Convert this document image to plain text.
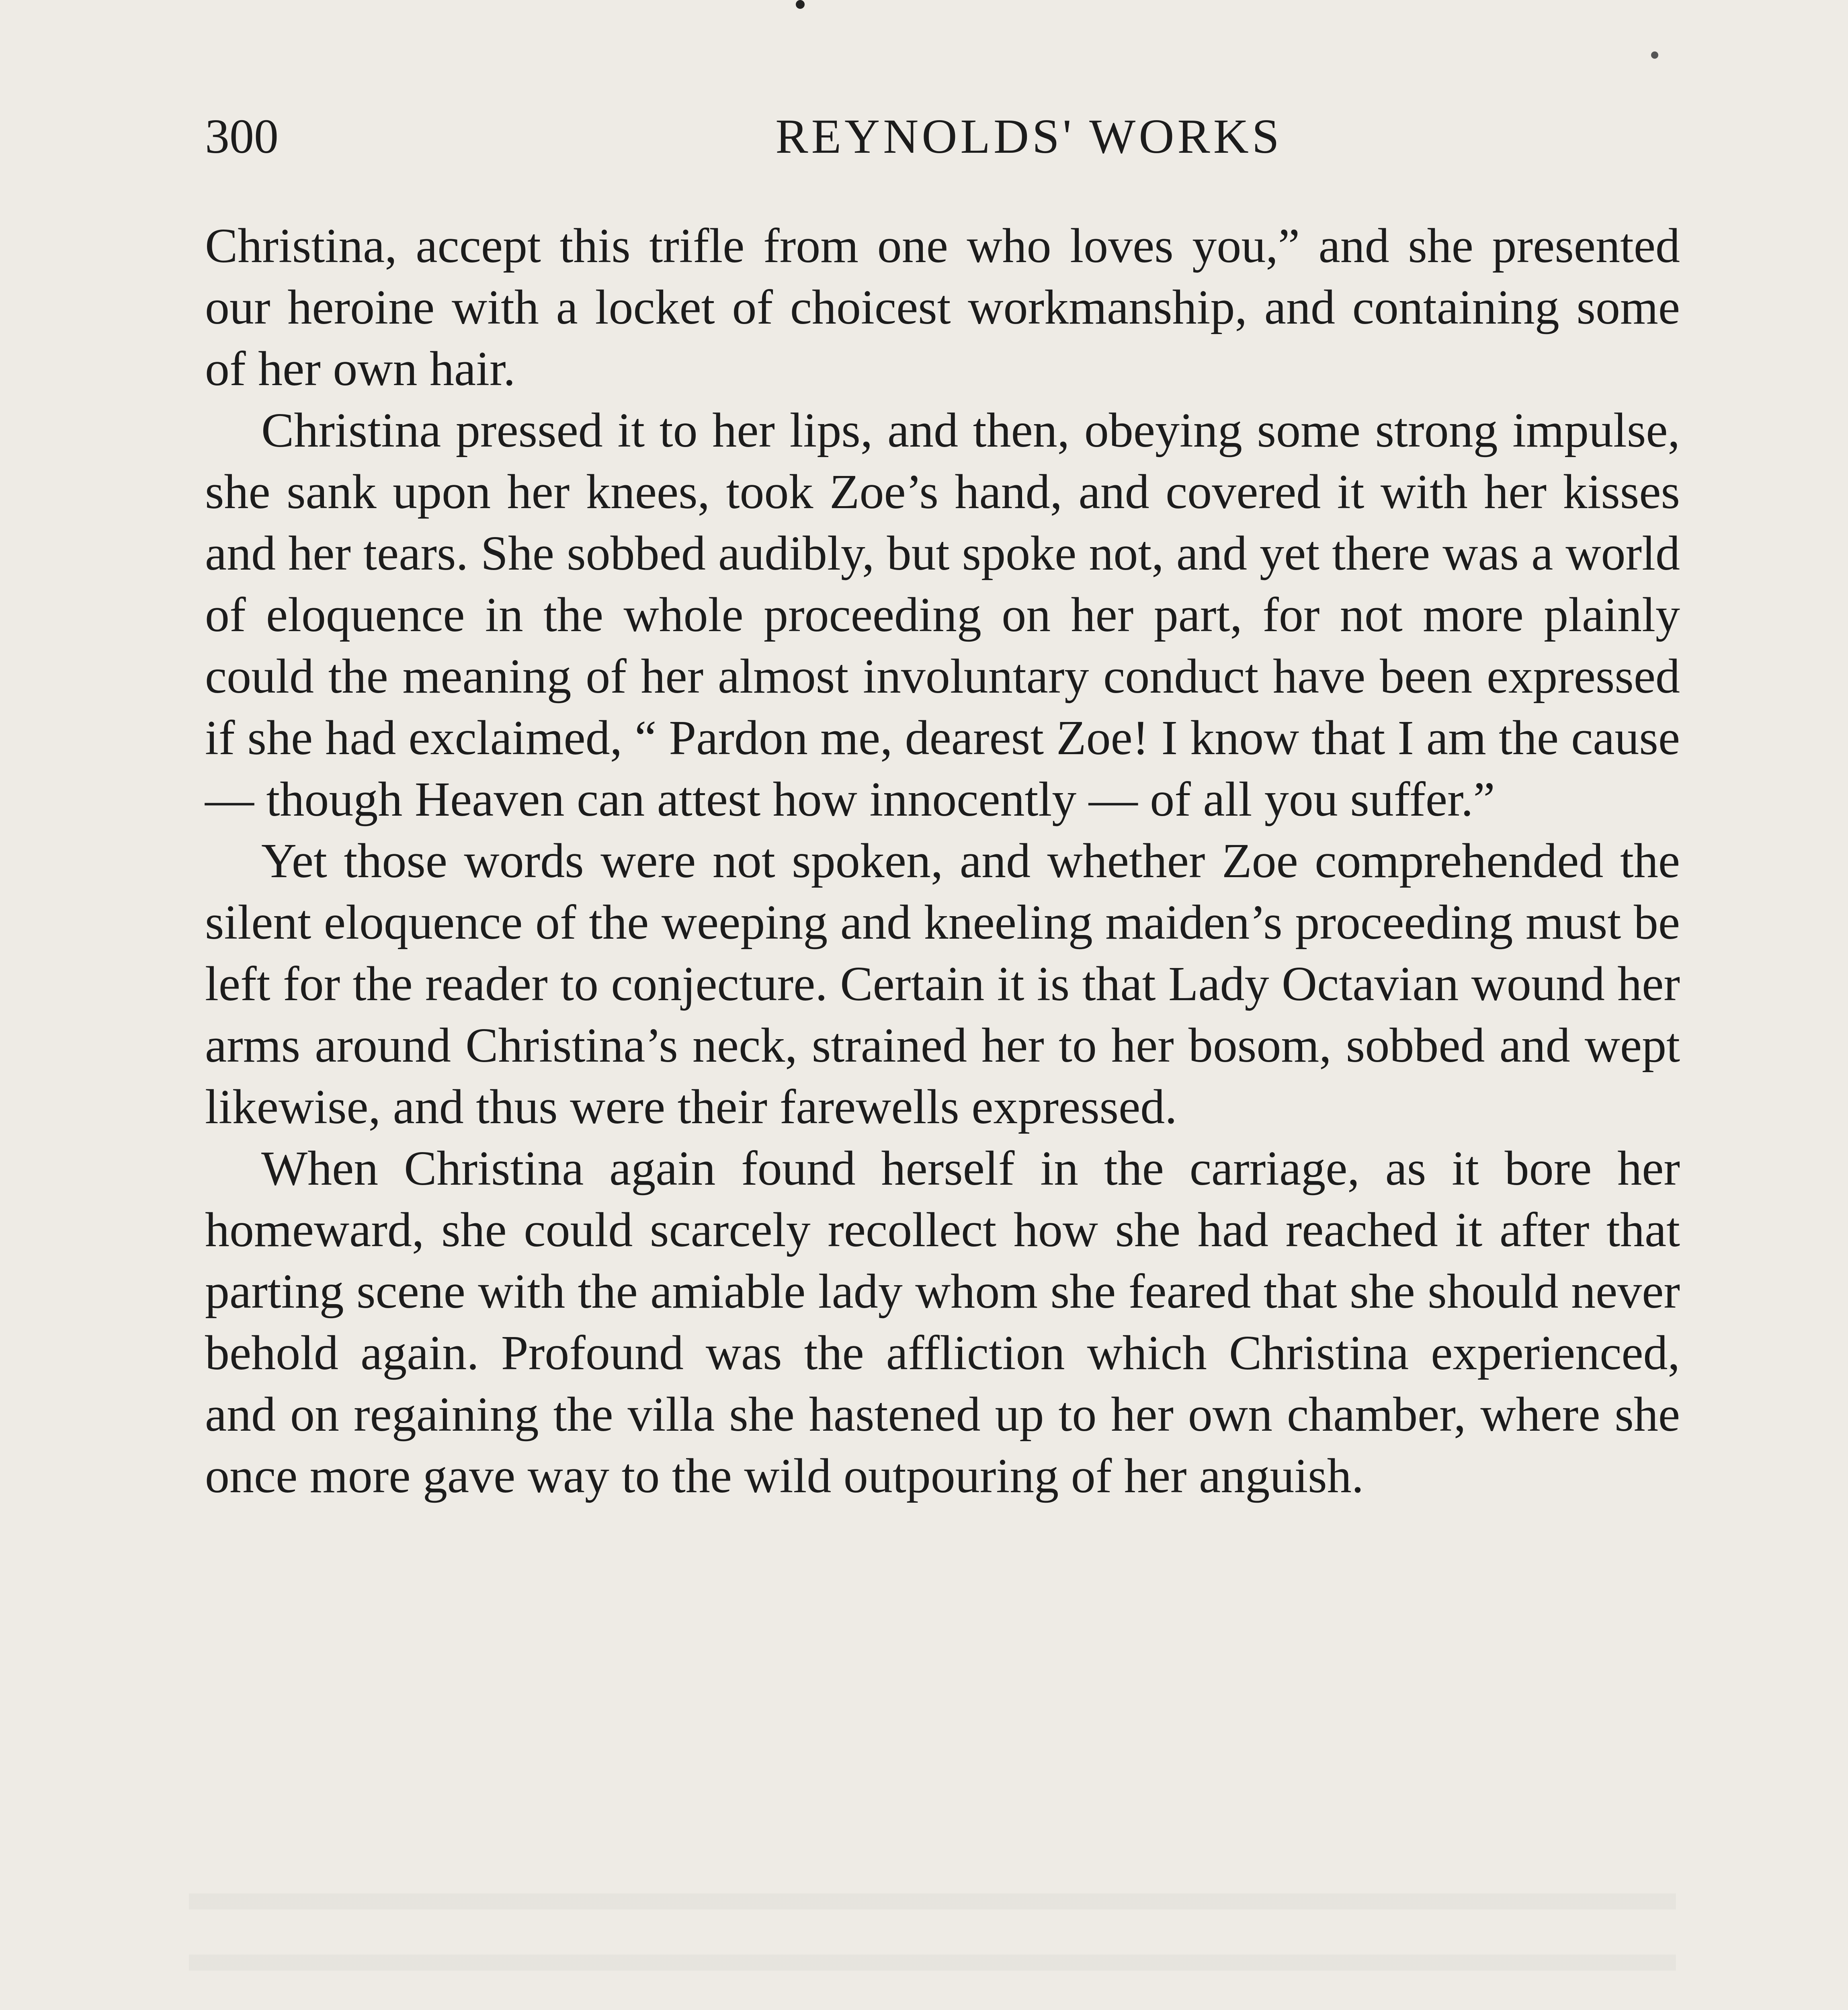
300	REYNOLDS' WORKS

Christina, accept this trifle from one who loves you,” and she presented our heroine with a locket of choicest workmanship, and containing some of her own hair.

Christina pressed it to her lips, and then, obeying some strong impulse, she sank upon her knees, took Zoe’s hand, and covered it with her kisses and her tears. She sobbed audibly, but spoke not, and yet there was a world of eloquence in the whole proceeding on her part, for not more plainly could the meaning of her almost involuntary conduct have been expressed if she had exclaimed, “ Pardon me, dearest Zoe! I know that I am the cause — though Heaven can attest how innocently — of all you suffer.”

Yet those words were not spoken, and whether Zoe comprehended the silent eloquence of the weeping and kneeling maiden’s proceeding must be left for the reader to conjecture. Certain it is that Lady Octavian wound her arms around Christina’s neck, strained her to her bosom, sobbed and wept likewise, and thus were their farewells expressed.

When Christina again found herself in the carriage, as it bore her homeward, she could scarcely recollect how she had reached it after that parting scene with the amiable lady whom she feared that she should never behold again. Profound was the affliction which Christina experienced, and on regaining the villa she hastened up to her own chamber, where she once more gave way to the wild outpouring of her anguish.
